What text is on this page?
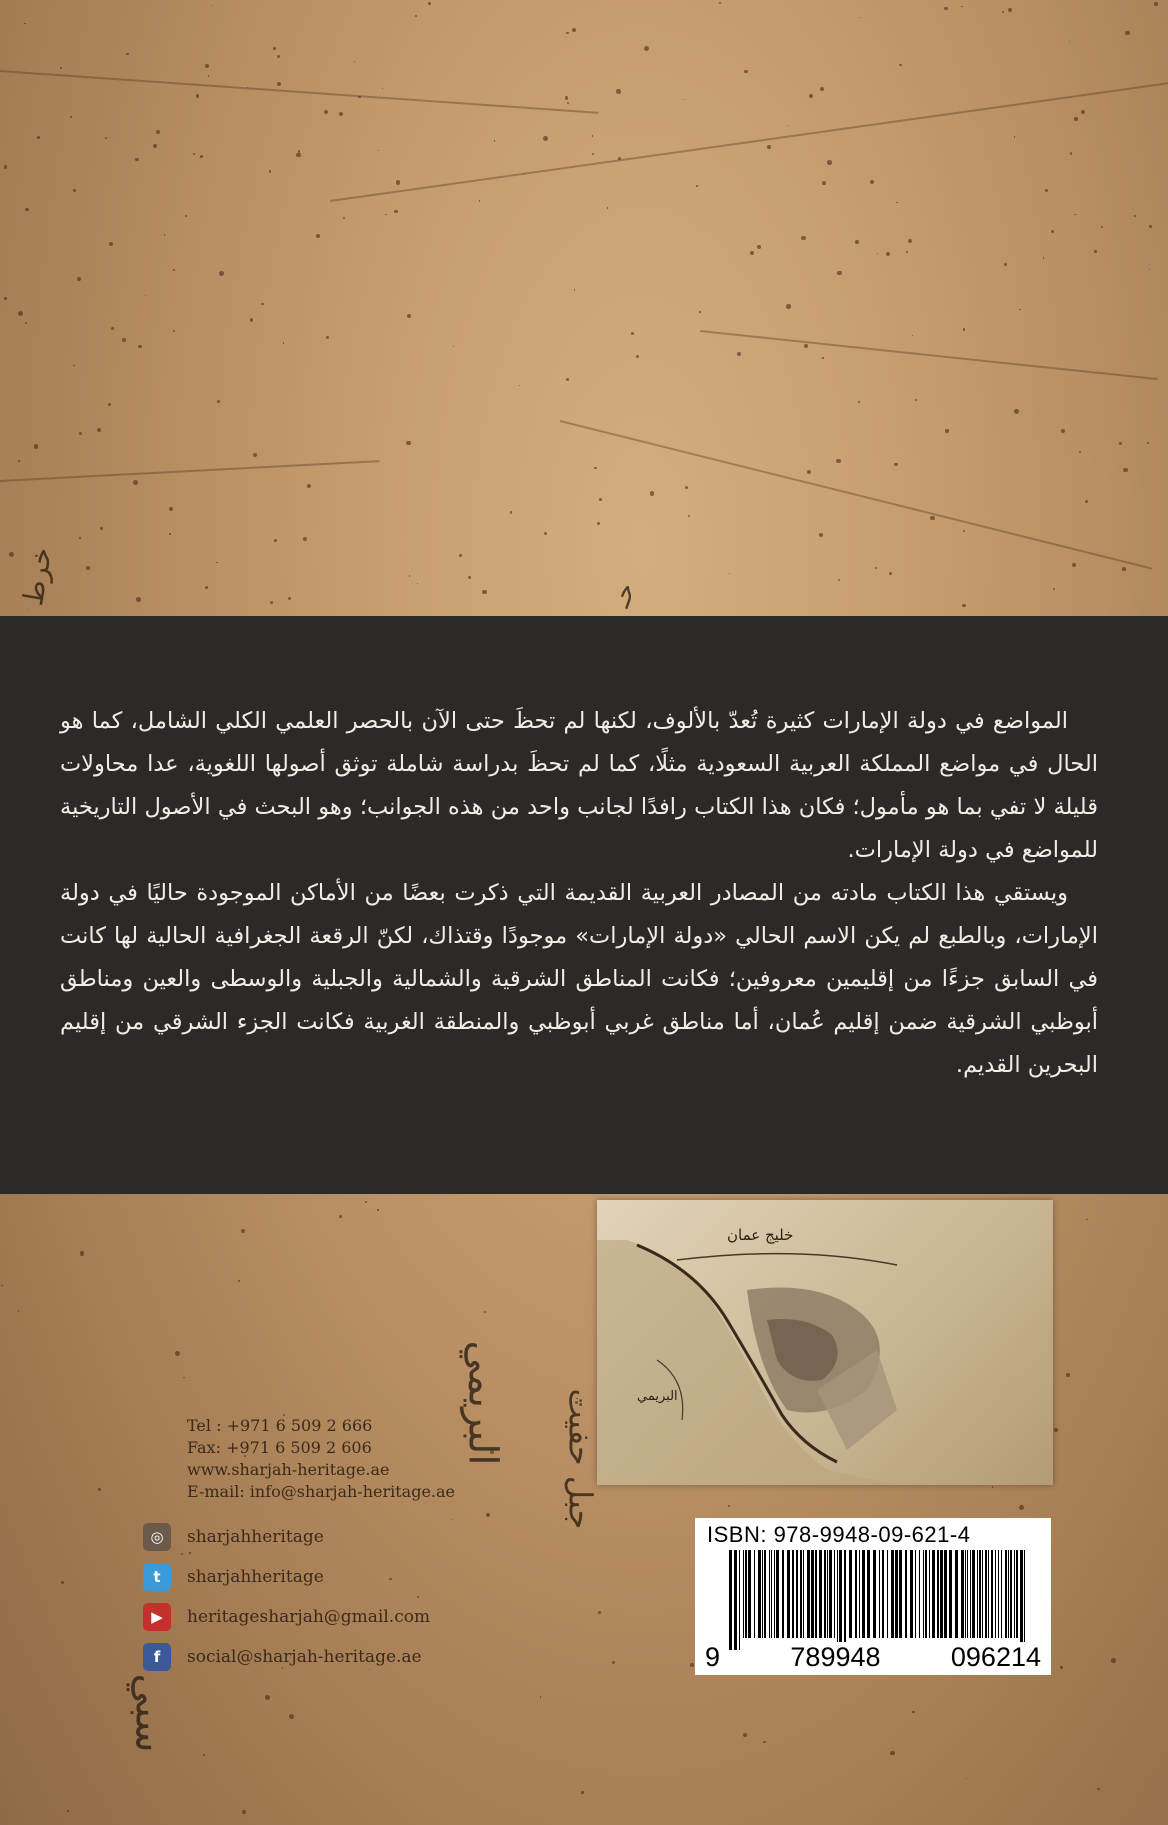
خرط	حـ

المواضع في دولة الإمارات كثيرة تُعدّ بالألوف، لكنها لم تحظَ حتى الآن بالحصر العلمي الكلي الشامل، كما هو الحال في مواضع المملكة العربية السعودية مثلًا، كما لم تحظَ بدراسة شاملة توثق أصولها اللغوية، عدا محاولات قليلة لا تفي بما هو مأمول؛ فكان هذا الكتاب رافدًا لجانب واحد من هذه الجوانب؛ وهو البحث في الأصول التاريخية للمواضع في دولة الإمارات.

ويستقي هذا الكتاب مادته من المصادر العربية القديمة التي ذكرت بعضًا من الأماكن الموجودة حاليًا في دولة الإمارات، وبالطبع لم يكن الاسم الحالي «دولة الإمارات» موجودًا وقتذاك، لكنّ الرقعة الجغرافية الحالية لها كانت في السابق جزءًا من إقليمين معروفين؛ فكانت المناطق الشرقية والشمالية والجبلية والوسطى والعين ومناطق أبوظبي الشرقية ضمن إقليم عُمان، أما مناطق غربي أبوظبي والمنطقة الغربية فكانت الجزء الشرقي من إقليم البحرين القديم.

خليج عمان
البريمي
البريمي جبل حفيت
سبي
Tel : +971 6 509 2 666
Fax: +971 6 509 2 606
www.sharjah-heritage.ae
E-mail: info@sharjah-heritage.ae
◎	sharjahheritage
t	sharjahheritage
▶	heritagesharjah@gmail.com
f	social@sharjah-heritage.ae
ISBN: 978-9948-09-621-4
9	789948	096214
